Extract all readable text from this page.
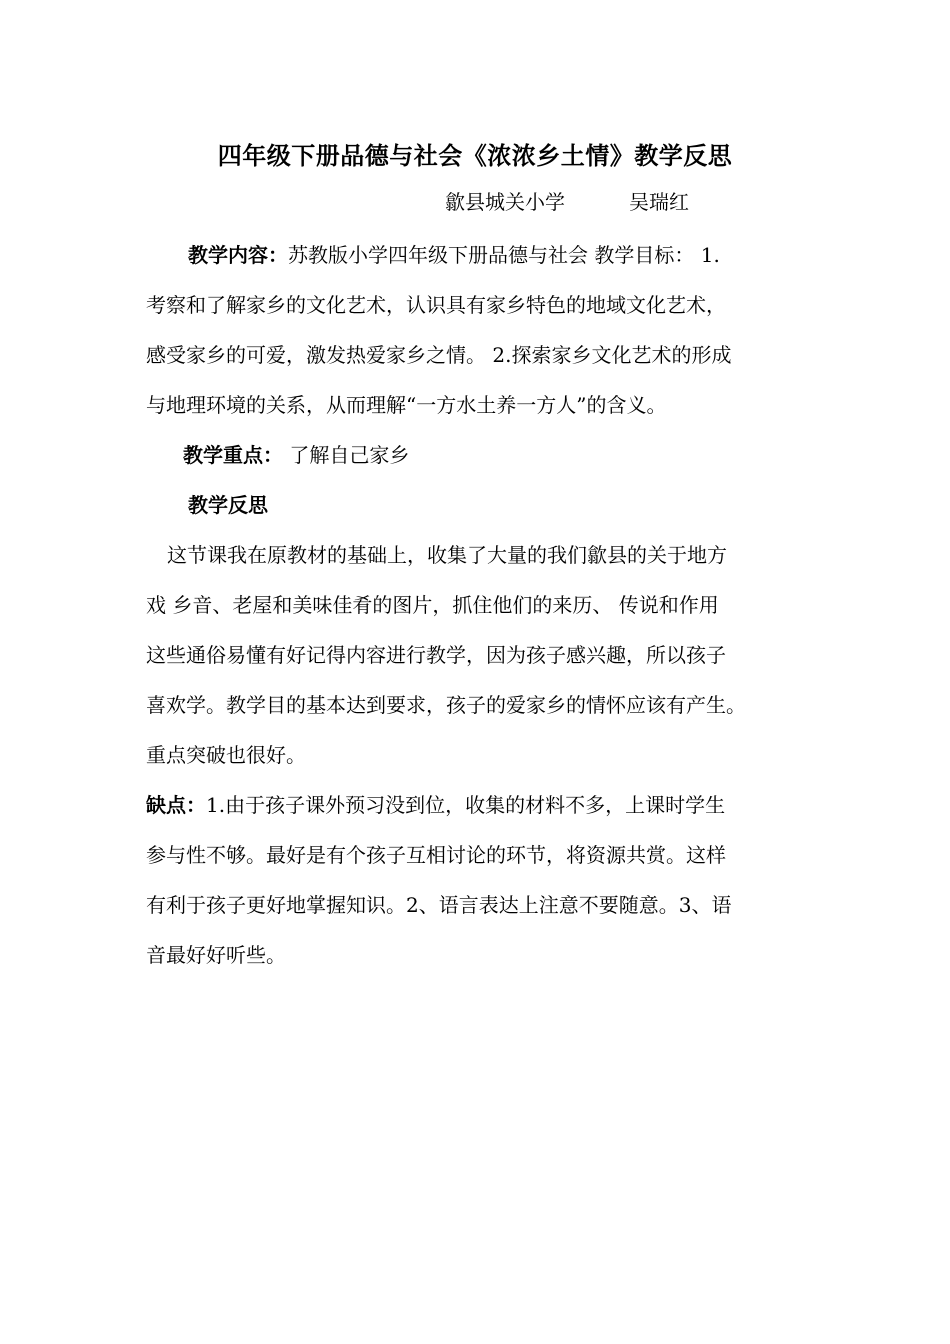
四年级下册品德与社会《浓浓乡土情》教学反思
歙县城关小学	吴瑞红
教学内容：苏教版小学四年级下册品德与社会 教学目标： 1.
考察和了解家乡的文化艺术，认识具有家乡特色的地域文化艺术，
感受家乡的可爱，激发热爱家乡之情。 2.探索家乡文化艺术的形成
与地理环境的关系，从而理解“一方水土养一方人”的含义。
教学重点： 了解自己家乡
教学反思
这节课我在原教材的基础上，收集了大量的我们歙县的关于地方
戏 乡音、老屋和美味佳肴的图片，抓住他们的来历、 传说和作用
这些通俗易懂有好记得内容进行教学，因为孩子感兴趣，所以孩子
喜欢学。教学目的基本达到要求，孩子的爱家乡的情怀应该有产生。
重点突破也很好。
缺点：1.由于孩子课外预习没到位，收集的材料不多，上课时学生
参与性不够。最好是有个孩子互相讨论的环节，将资源共赏。这样
有利于孩子更好地掌握知识。2、语言表达上注意不要随意。3、语
音最好好听些。
